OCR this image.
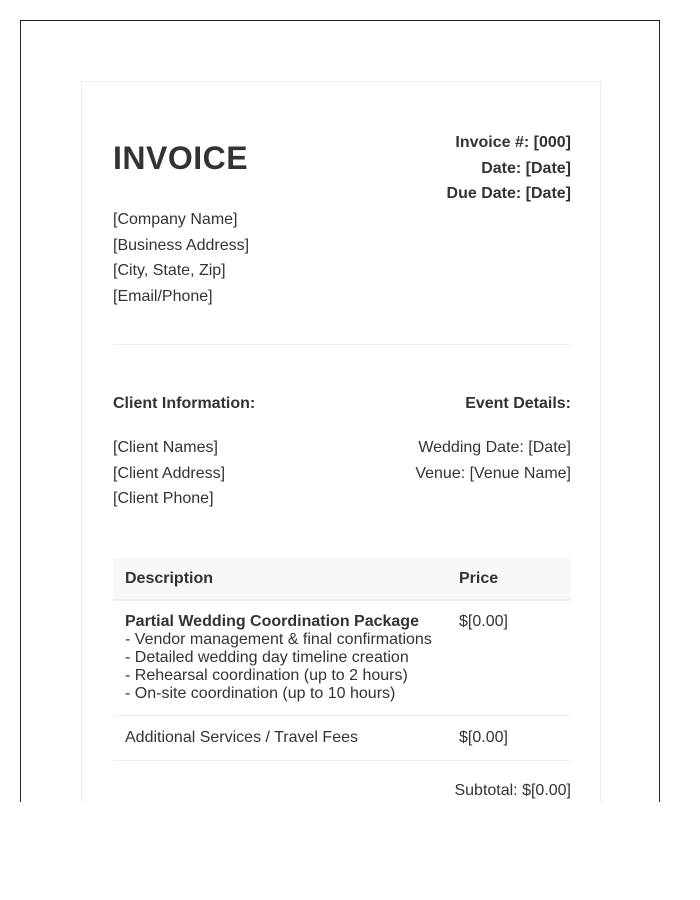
INVOICE	Invoice #: [000]
Date: [Date]
Due Date: [Date]
[Company Name]
[Business Address]
[City, State, Zip]
[Email/Phone]
Client Information:	Event Details:
[Client Names]
[Client Address]
[Client Phone]
Wedding Date: [Date]
Venue: [Venue Name]
Description	Price

Partial Wedding Coordination Package
- Vendor management & final confirmations
- Detailed wedding day timeline creation
- Rehearsal coordination (up to 2 hours)
- On-site coordination (up to 10 hours)	$[0.00]
Additional Services / Travel Fees	$[0.00]
Subtotal: $[0.00]
